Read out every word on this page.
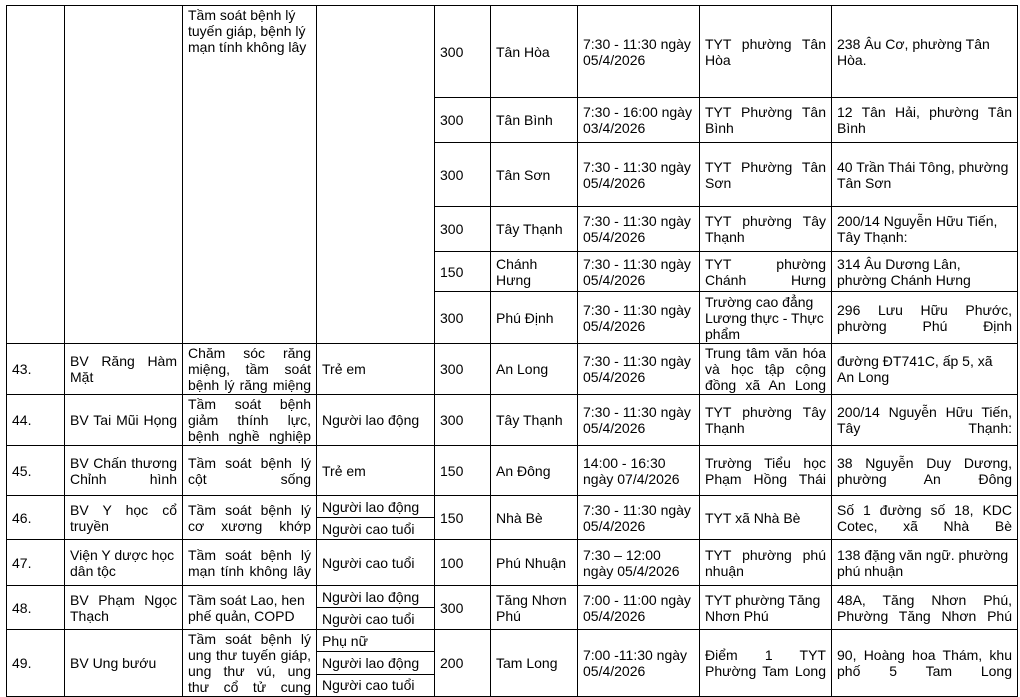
		Tầm soát bệnh lý tuyến giáp, bệnh lý mạn tính không lây		300	Tân Hòa	7:30 - 11:30 ngày 05/4/2026	TYT phường Tân Hòa	238 Âu Cơ, phường Tân Hòa.
				300	Tân Bình	7:30 - 16:00 ngày 03/4/2026	TYT Phường Tân Bình	12 Tân Hải, phường Tân Bình
				300	Tân Sơn	7:30 - 11:30 ngày 05/4/2026	TYT Phường Tân Sơn	40 Trần Thái Tông, phường Tân Sơn
				300	Tây Thạnh	7:30 - 11:30 ngày 05/4/2026	TYT phường Tây Thạnh	200/14 Nguyễn Hữu Tiến, Tây Thạnh:
				150	Chánh Hưng	7:30 - 11:30 ngày 05/4/2026	TYT phường Chánh Hưng	314 Âu Dương Lân, phường Chánh Hưng
				300	Phú Định	7:30 - 11:30 ngày 05/4/2026	Trường cao đẳng Lương thực - Thực phẩm	296 Lưu Hữu Phước, phường Phú Định
43.	BV Răng Hàm Mặt	Chăm sóc răng miệng, tầm soát bệnh lý răng miệng	Trẻ em	300	An Long	7:30 - 11:30 ngày 05/4/2026	Trung tâm văn hóa và học tập cộng đồng xã An Long	đường ĐT741C, ấp 5, xã An Long
44.	BV Tai Mũi Họng	Tầm soát bệnh giảm thính lực, bệnh nghề nghiệp	Người lao động	300	Tây Thạnh	7:30 - 11:30 ngày 05/4/2026	TYT phường Tây Thạnh	200/14 Nguyễn Hữu Tiến, Tây Thạnh:
45.	BV Chấn thương Chỉnh hình	Tầm soát bệnh lý cột sống	Trẻ em	150	An Đông	14:00 - 16:30 ngày 07/4/2026	Trường Tiểu học Phạm Hồng Thái	38 Nguyễn Duy Dương, phường An Đông
46.	BV Y học cổ truyền	Tầm soát bệnh lý cơ xương khớp	Người lao động	150	Nhà Bè	7:30 - 11:30 ngày 05/4/2026	TYT xã Nhà Bè	Số 1 đường số 18, KDC Cotec, xã Nhà Bè
			Người cao tuổi					
47.	Viện Y dược học dân tộc	Tầm soát bệnh lý mạn tính không lây	Người cao tuổi	100	Phú Nhuận	7:30 – 12:00 ngày 05/4/2026	TYT phường phú nhuận	138 đặng văn ngữ. phường phú nhuận
48.	BV Phạm Ngọc Thạch	Tầm soát Lao, hen phế quản, COPD	Người lao động	300	Tăng Nhơn Phú	7:00 - 11:00 ngày 05/4/2026	TYT phường Tăng Nhơn Phú	48A, Tăng Nhơn Phú, Phường Tăng Nhơn Phú
			Người cao tuổi					
49.	BV Ung bướu	Tầm soát bệnh lý ung thư tuyến giáp, ung thư vú, ung thư cổ tử cung	Phụ nữ	200	Tam Long	7:00 -11:30 ngày 05/4/2026	Điểm 1 TYT Phường Tam Long	90, Hoàng hoa Thám, khu phố 5 Tam Long
			Người lao động					
			Người cao tuổi					
